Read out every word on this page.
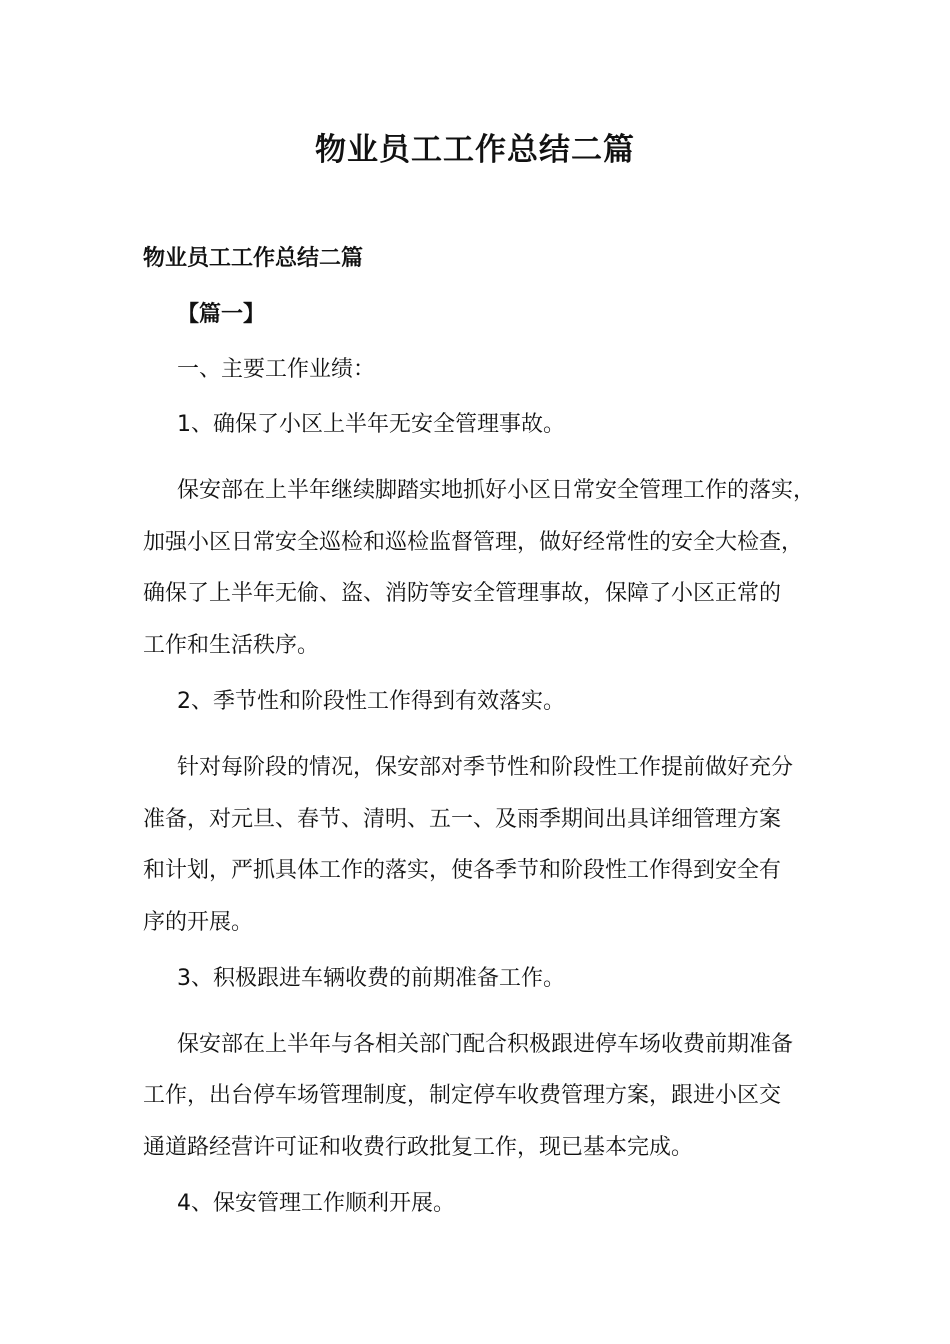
物业员工工作总结二篇

物业员工工作总结二篇

【篇一】

一、主要工作业绩：

1、确保了小区上半年无安全管理事故。

保安部在上半年继续脚踏实地抓好小区日常安全管理工作的落实，
加强小区日常安全巡检和巡检监督管理，做好经常性的安全大检查，
确保了上半年无偷、盗、消防等安全管理事故，保障了小区正常的
工作和生活秩序。

2、季节性和阶段性工作得到有效落实。

针对每阶段的情况，保安部对季节性和阶段性工作提前做好充分
准备，对元旦、春节、清明、五一、及雨季期间出具详细管理方案
和计划，严抓具体工作的落实，使各季节和阶段性工作得到安全有
序的开展。

3、积极跟进车辆收费的前期准备工作。

保安部在上半年与各相关部门配合积极跟进停车场收费前期准备
工作，出台停车场管理制度，制定停车收费管理方案，跟进小区交
通道路经营许可证和收费行政批复工作，现已基本完成。

4、保安管理工作顺利开展。
